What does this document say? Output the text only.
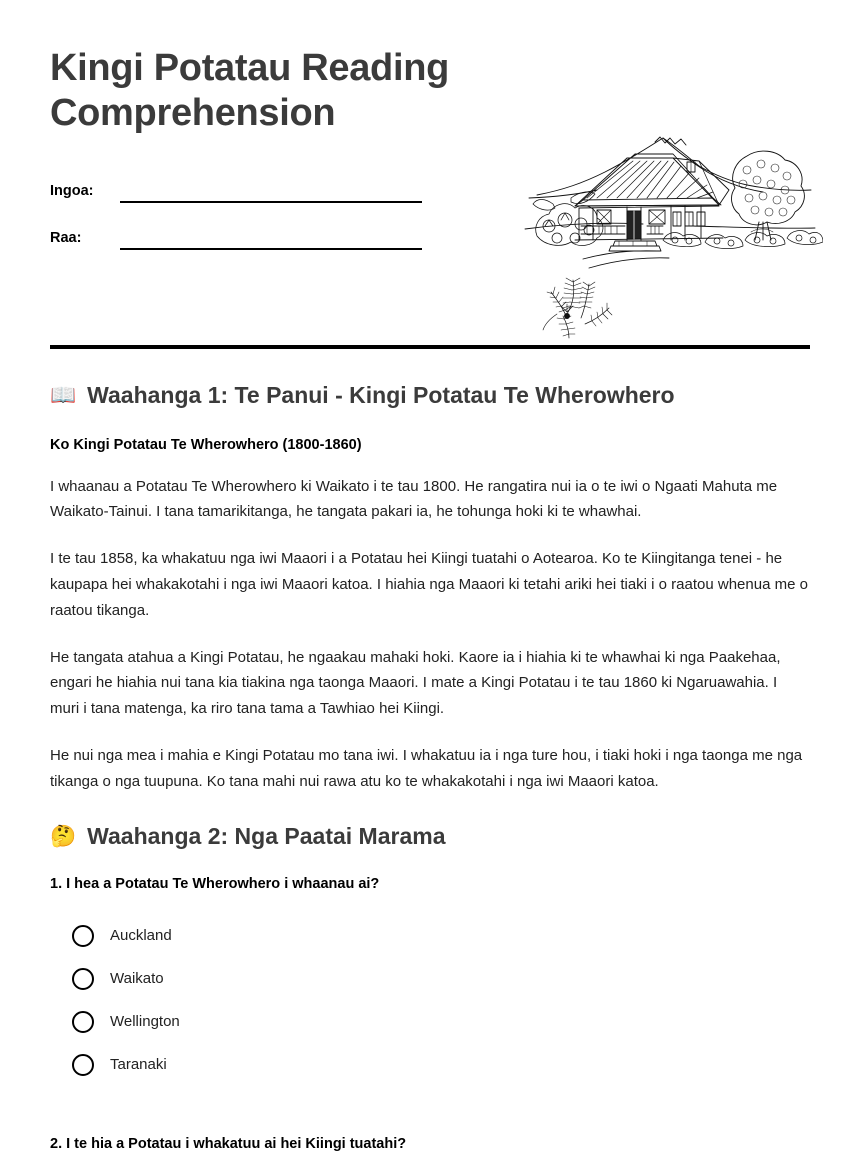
Kingi Potatau Reading Comprehension
Ingoa:
Raa:
📖 Waahanga 1: Te Panui - Kingi Potatau Te Wherowhero
Ko Kingi Potatau Te Wherowhero (1800-1860)

I whaanau a Potatau Te Wherowhero ki Waikato i te tau 1800. He rangatira nui ia o te iwi o Ngaati Mahuta me Waikato-Tainui. I tana tamarikitanga, he tangata pakari ia, he tohunga hoki ki te whawhai.

I te tau 1858, ka whakatuu nga iwi Maaori i a Potatau hei Kiingi tuatahi o Aotearoa. Ko te Kiingitanga tenei - he kaupapa hei whakakotahi i nga iwi Maaori katoa. I hiahia nga Maaori ki tetahi ariki hei tiaki i o raatou whenua me o raatou tikanga.

He tangata atahua a Kingi Potatau, he ngaakau mahaki hoki. Kaore ia i hiahia ki te whawhai ki nga Paakehaa, engari he hiahia nui tana kia tiakina nga taonga Maaori. I mate a Kingi Potatau i te tau 1860 ki Ngaruawahia. I muri i tana matenga, ka riro tana tama a Tawhiao hei Kiingi.

He nui nga mea i mahia e Kingi Potatau mo tana iwi. I whakatuu ia i nga ture hou, i tiaki hoki i nga taonga me nga tikanga o nga tuupuna. Ko tana mahi nui rawa atu ko te whakakotahi i nga iwi Maaori katoa.

🤔 Waahanga 2: Nga Paatai Marama
1. I hea a Potatau Te Wherowhero i whaanau ai?
Auckland
Waikato
Wellington
Taranaki
2. I te hia a Potatau i whakatuu ai hei Kiingi tuatahi?
